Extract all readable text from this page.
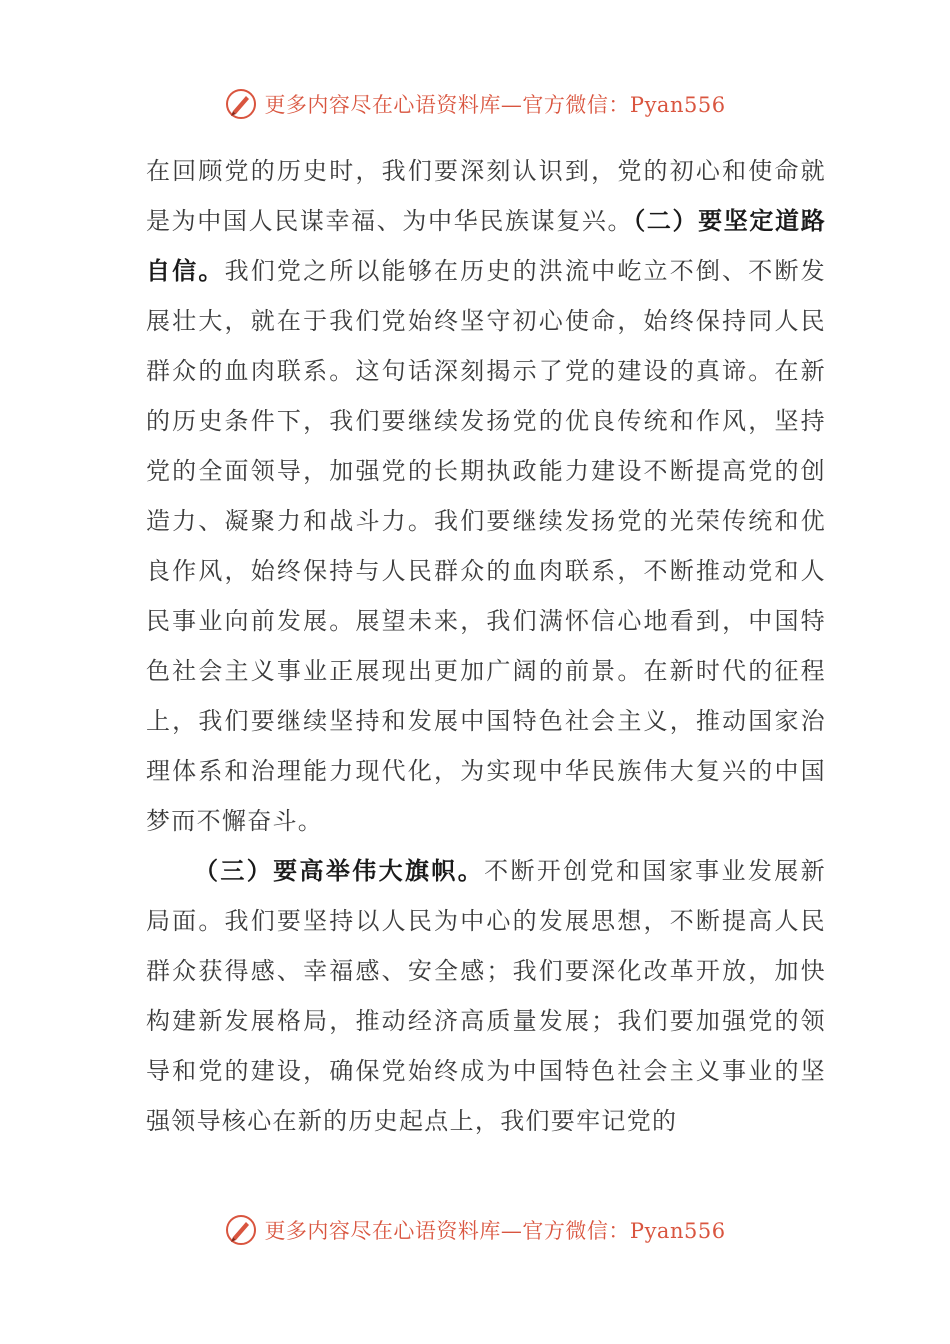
更多内容尽在心语资料库—官方微信：Pyan556

在回顾党的历史时，我们要深刻认识到，党的初心和使命就是为中国人民谋幸福、为中华民族谋复兴。（二）要坚定道路自信。我们党之所以能够在历史的洪流中屹立不倒、不断发展壮大，就在于我们党始终坚守初心使命，始终保持同人民群众的血肉联系。这句话深刻揭示了党的建设的真谛。在新的历史条件下，我们要继续发扬党的优良传统和作风，坚持党的全面领导，加强党的长期执政能力建设不断提高党的创造力、凝聚力和战斗力。我们要继续发扬党的光荣传统和优良作风，始终保持与人民群众的血肉联系，不断推动党和人民事业向前发展。展望未来，我们满怀信心地看到，中国特色社会主义事业正展现出更加广阔的前景。在新时代的征程上，我们要继续坚持和发展中国特色社会主义，推动国家治理体系和治理能力现代化，为实现中华民族伟大复兴的中国梦而不懈奋斗。

（三）要高举伟大旗帜。不断开创党和国家事业发展新局面。我们要坚持以人民为中心的发展思想，不断提高人民群众获得感、幸福感、安全感；我们要深化改革开放，加快构建新发展格局，推动经济高质量发展；我们要加强党的领导和党的建设，确保党始终成为中国特色社会主义事业的坚强领导核心在新的历史起点上，我们要牢记党的

更多内容尽在心语资料库—官方微信：Pyan556
